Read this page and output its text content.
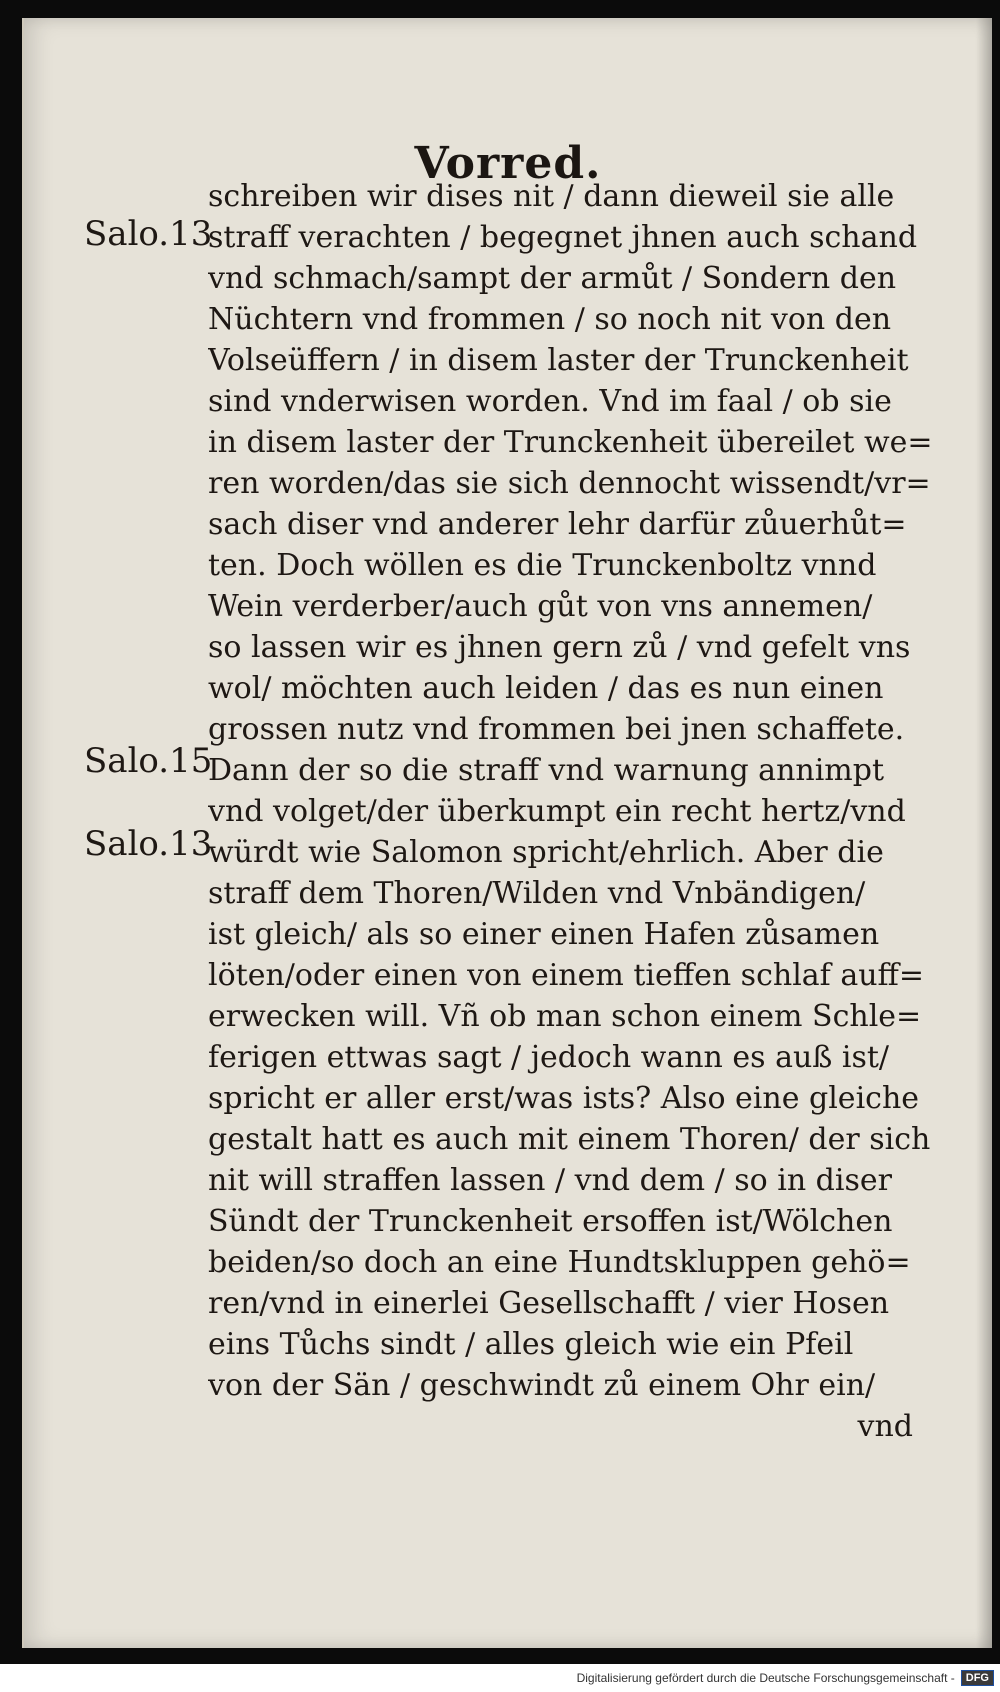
Vorred.
Salo.13
Salo.15
Salo.13
schreiben wir dises nit / dann dieweil sie alle
straff verachten / begegnet jhnen auch schand
vnd schmach/sampt der armůt / Sondern den
Nüchtern vnd frommen / so noch nit von den
Volseüffern / in disem laster der Trunckenheit
sind vnderwisen worden. Vnd im faal / ob sie
in disem laster der Trunckenheit übereilet we=
ren worden/das sie sich dennocht wissendt/vr=
sach diser vnd anderer lehr darfür zůuerhůt=
ten. Doch wöllen es die Trunckenboltz vnnd
Wein verderber/auch gůt von vns annemen/
so lassen wir es jhnen gern zů / vnd gefelt vns
wol/ möchten auch leiden / das es nun einen
grossen nutz vnd frommen bei jnen schaffete.
Dann der so die straff vnd warnung annimpt
vnd volget/der überkumpt ein recht hertz/vnd
würdt wie Salomon spricht/ehrlich. Aber die
straff dem Thoren/Wilden vnd Vnbändigen/
ist gleich/ als so einer einen Hafen zůsamen
löten/oder einen von einem tieffen schlaf auff=
erwecken will. Vñ ob man schon einem Schle=
ferigen ettwas sagt / jedoch wann es auß ist/
spricht er aller erst/was ists? Also eine gleiche
gestalt hatt es auch mit einem Thoren/ der sich
nit will straffen lassen / vnd dem / so in diser
Sündt der Trunckenheit ersoffen ist/Wölchen
beiden/so doch an eine Hundtskluppen gehö=
ren/vnd in einerlei Gesellschafft / vier Hosen
eins Tůchs sindt / alles gleich wie ein Pfeil
von der Sän / geschwindt zů einem Ohr ein/
vnd
Digitalisierung gefördert durch die Deutsche Forschungsgemeinschaft -	DFG
